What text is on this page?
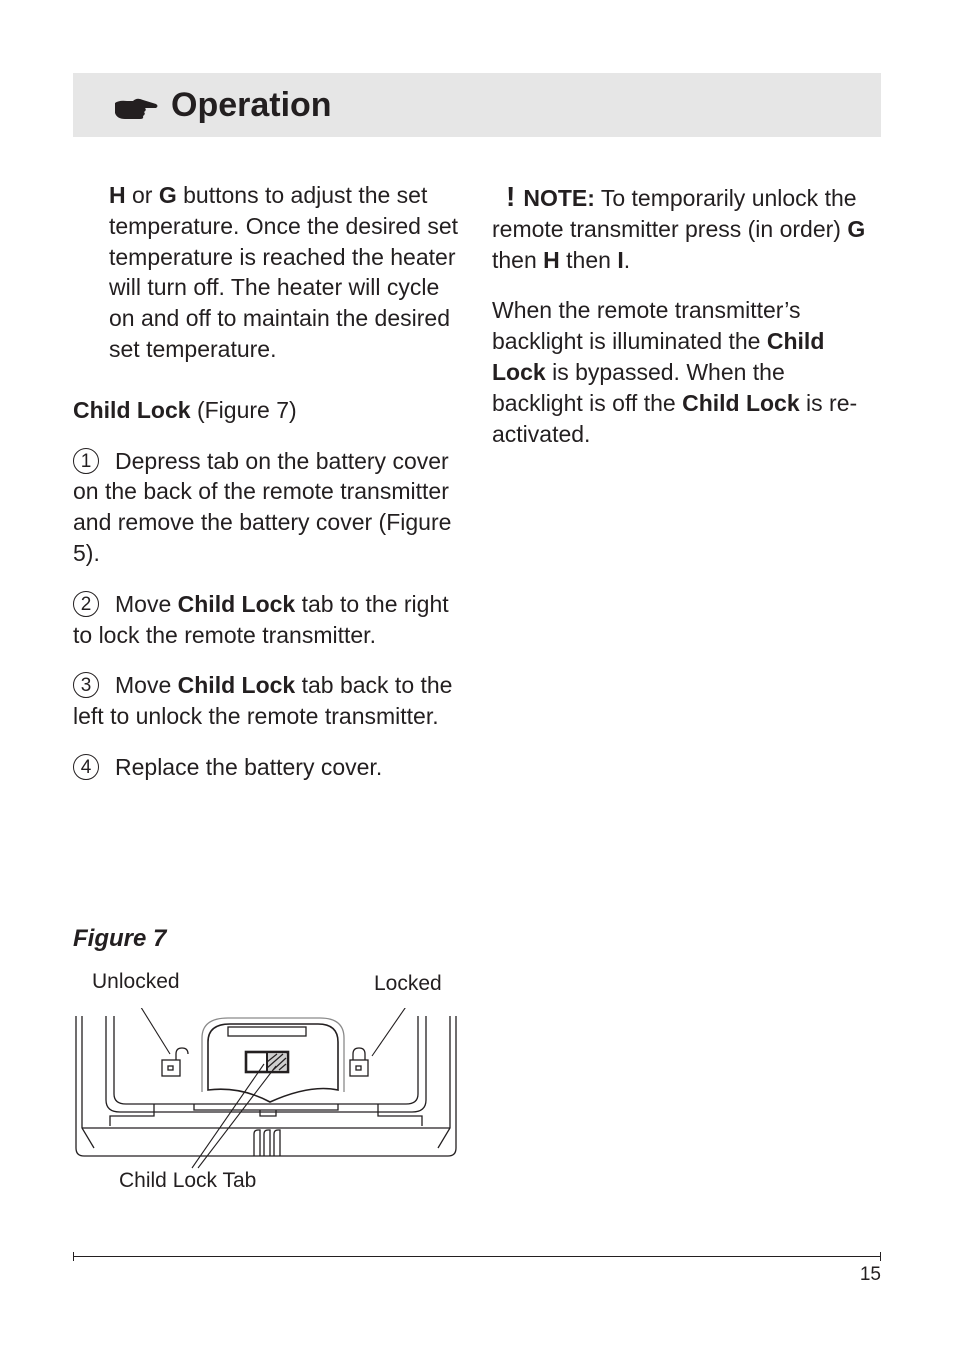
Operation

H or G buttons to adjust the set temperature. Once the desired set temperature is reached the heater will turn off. The heater will cycle on and off to maintain the desired set temperature.

Child Lock (Figure 7)

1 Depress tab on the battery cover on the back of the remote transmitter and remove the battery cover (Figure 5).

2 Move Child Lock tab to the right to lock the remote transmitter.

3 Move Child Lock tab back to the left to unlock the remote transmitter.

4 Replace the battery cover.

! NOTE: To temporarily unlock the remote transmitter press (in order) G then H then I.

When the remote transmitter’s backlight is illuminated the Child Lock is bypassed. When the backlight is off the Child Lock is re-activated.

Figure 7
Unlocked	Locked
Child Lock Tab
15
